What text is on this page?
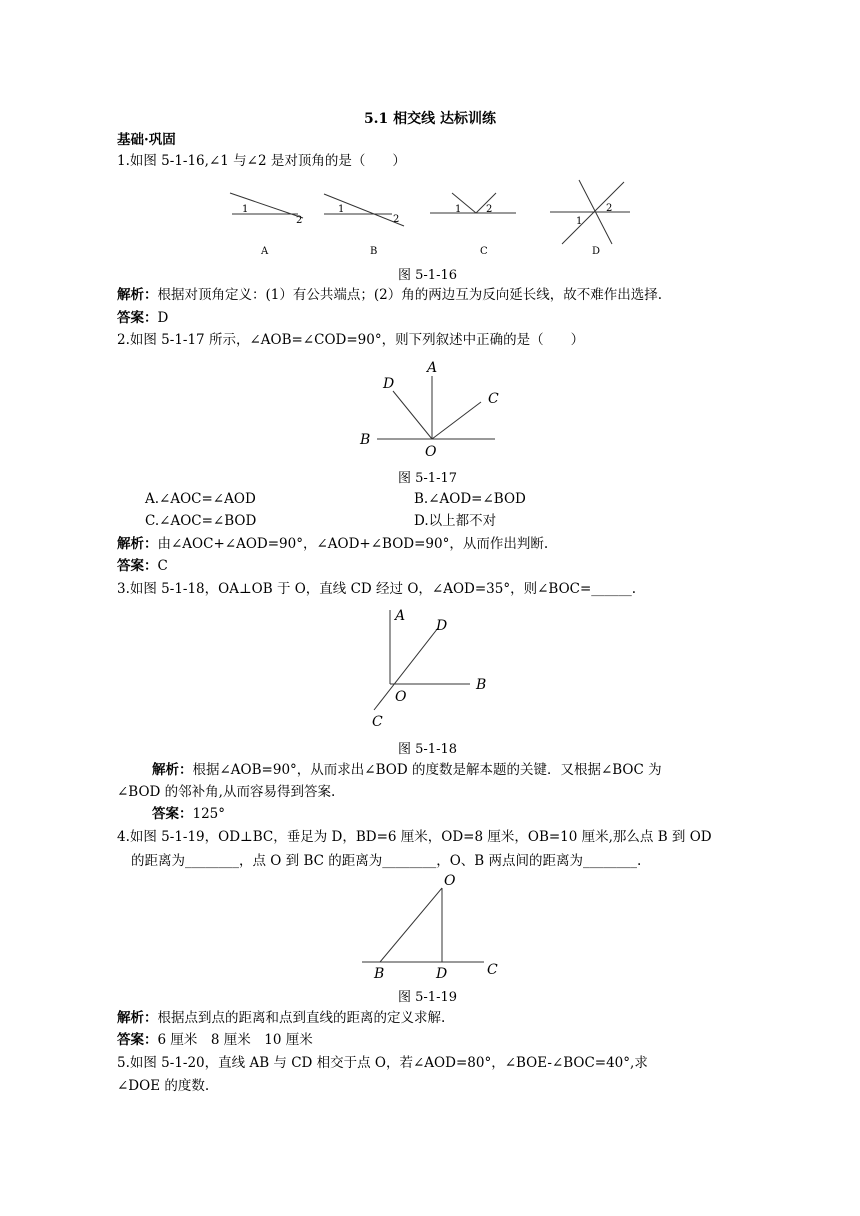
5.1 相交线 达标训练
基础·巩固
1.如图 5-1-16,∠1 与∠2 是对顶角的是（　　）
1
2
1
2
1 2
1
2
A	B	C	D
图 5-1-16
解析：根据对顶角定义：(1）有公共端点；(2）角的两边互为反向延长线，故不难作出选择.
答案：D
2.如图 5-1-17 所示，∠AOB=∠COD=90°，则下列叙述中正确的是（　　）
A
D
C
B
O
图 5-1-17
A.∠AOC=∠AOD	B.∠AOD=∠BOD
C.∠AOC=∠BOD	D.以上都不对
解析：由∠AOC+∠AOD=90°，∠AOD+∠BOD=90°，从而作出判断.
答案：C
3.如图 5-1-18，OA⊥OB 于 O，直线 CD 经过 O，∠AOD=35°，则∠BOC=______.
A
D
B
O
C
图 5-1-18
解析：根据∠AOB=90°，从而求出∠BOD 的度数是解本题的关键．又根据∠BOC 为
∠BOD 的邻补角,从而容易得到答案.
答案：125°
4.如图 5-1-19，OD⊥BC，垂足为 D，BD=6 厘米，OD=8 厘米，OB=10 厘米,那么点 B 到 OD
的距离为________，点 O 到 BC 的距离为________，O、B 两点间的距离为________.
O
B	D	C
图 5-1-19
解析：根据点到点的距离和点到直线的距离的定义求解.
答案：6 厘米　8 厘米　10 厘米
5.如图 5-1-20，直线 AB 与 CD 相交于点 O，若∠AOD=80°，∠BOE-∠BOC=40°,求
∠DOE 的度数.
